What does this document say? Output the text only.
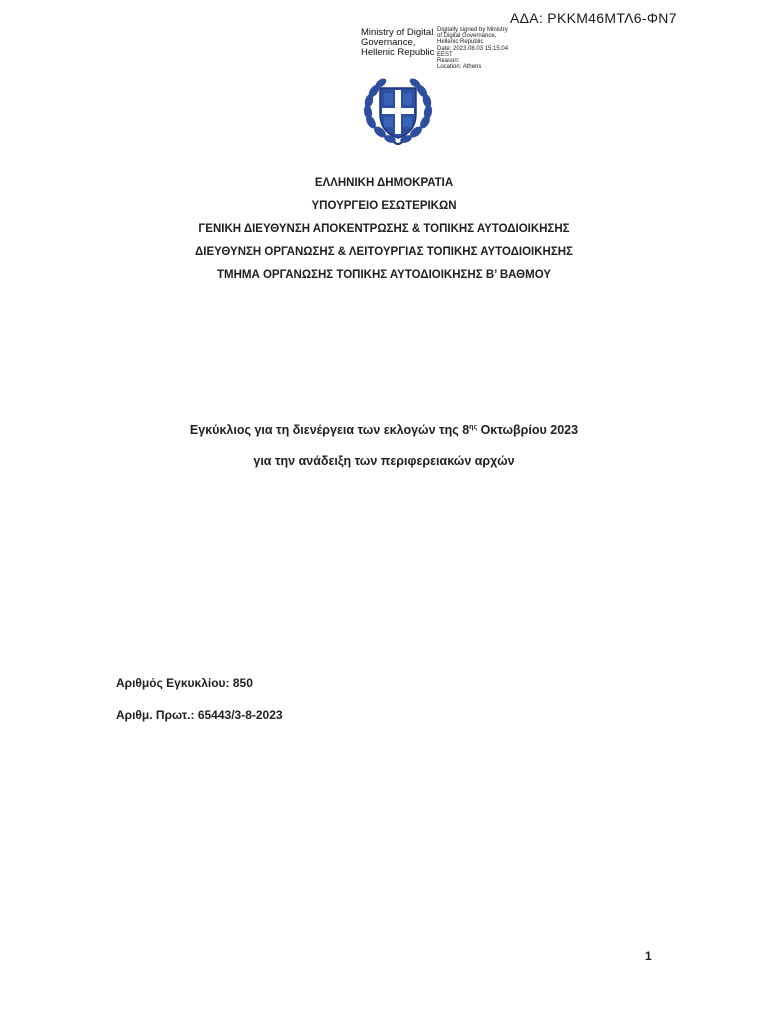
ΑΔΑ: ΡΚΚΜ46ΜΤΛ6-ΦΝ7
Ministry of Digital
Governance,
Hellenic Republic
Digitally signed by Ministry
of Digital Governance,
Hellenic Republic
Date: 2023.08.03 15:15:04
EEST
Reason:
Location: Athens
ΕΛΛΗΝΙΚΗ ΔΗΜΟΚΡΑΤΙΑ
ΥΠΟΥΡΓΕΙΟ ΕΣΩΤΕΡΙΚΩΝ
ΓΕΝΙΚΗ ΔΙΕΥΘΥΝΣΗ ΑΠΟΚΕΝΤΡΩΣΗΣ & ΤΟΠΙΚΗΣ ΑΥΤΟΔΙΟΙΚΗΣΗΣ
ΔΙΕΥΘΥΝΣΗ ΟΡΓΑΝΩΣΗΣ & ΛΕΙΤΟΥΡΓΙΑΣ ΤΟΠΙΚΗΣ ΑΥΤΟΔΙΟΙΚΗΣΗΣ
ΤΜΗΜΑ ΟΡΓΑΝΩΣΗΣ ΤΟΠΙΚΗΣ ΑΥΤΟΔΙΟΙΚΗΣΗΣ Β’ ΒΑΘΜΟΥ
Εγκύκλιος για τη διενέργεια των εκλογών της $8^{\eta\varsigma}$ Οκτωβρίου 2023
για την ανάδειξη των περιφερειακών αρχών
Αριθμός Εγκυκλίου: 850
Αριθμ. Πρωτ.: 65443/3-8-2023
1
